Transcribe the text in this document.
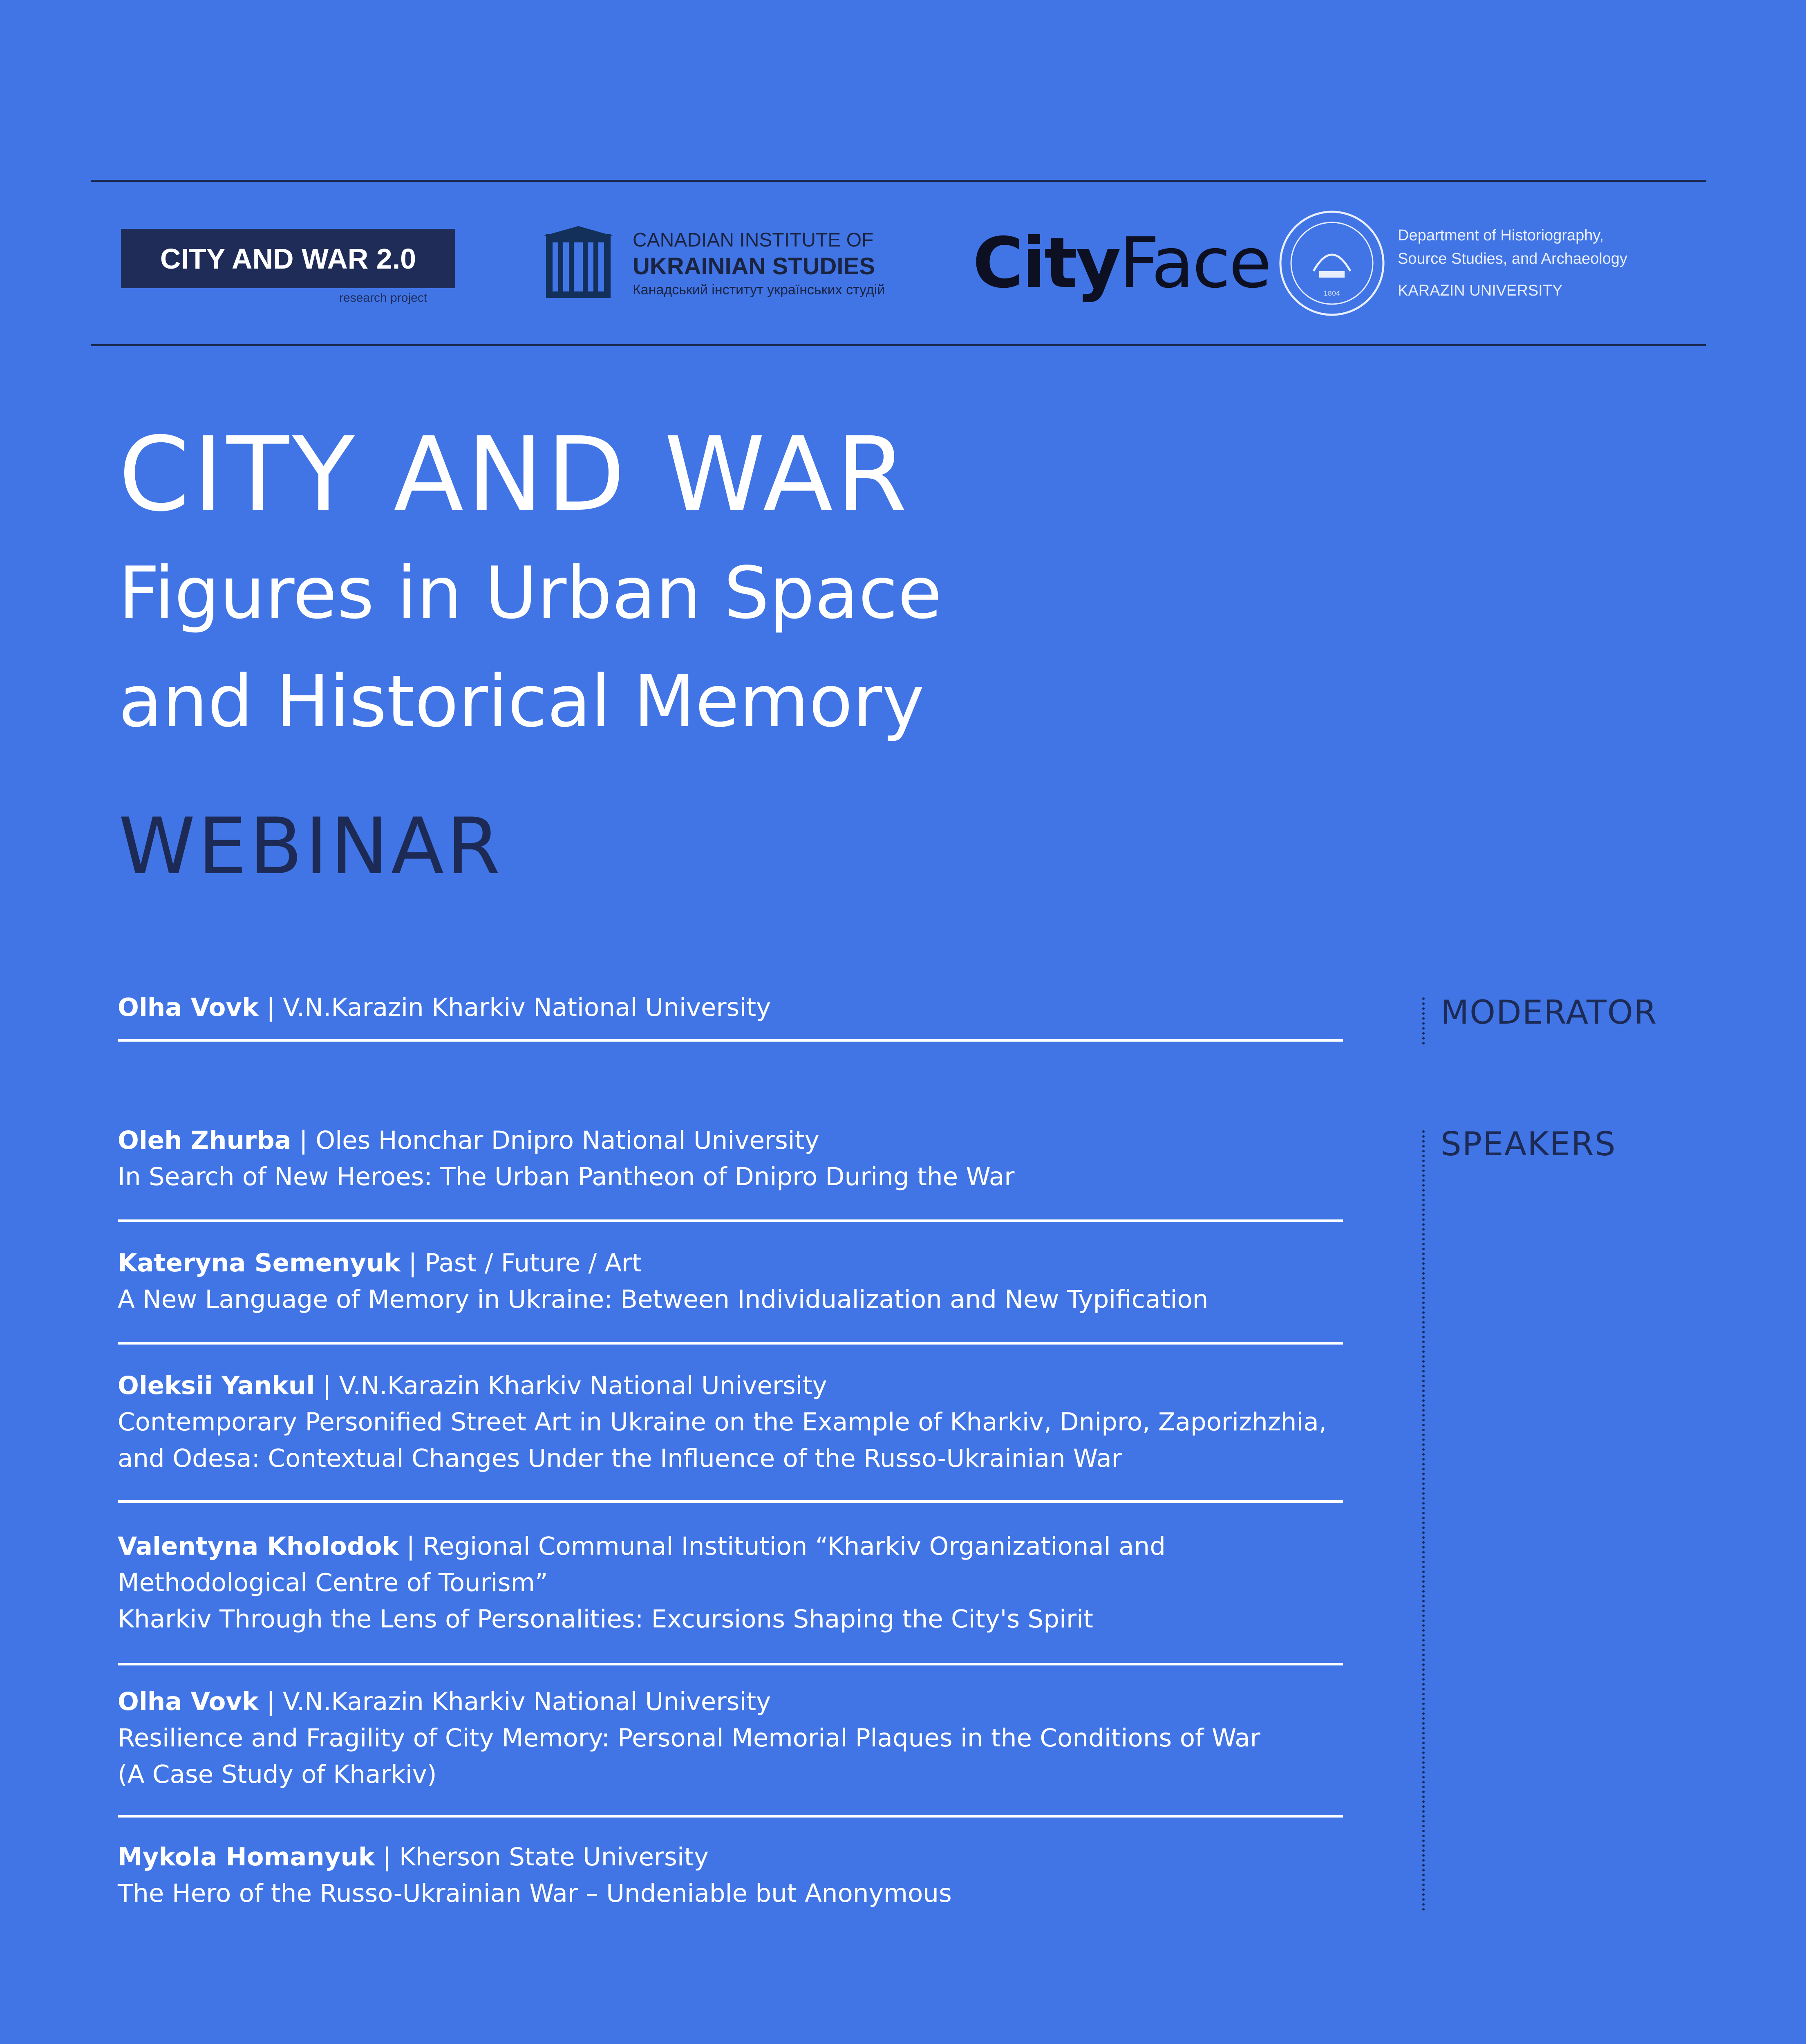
CITY AND WAR 2.0
research project
CANADIAN INSTITUTE OF
UKRAINIAN STUDIES
Канадський інститут українських студій CityFace	1804
Department of Historiography,
Source Studies, and Archaeology
KARAZIN UNIVERSITY
CITY AND WAR
Figures in Urban Space
and Historical Memory
WEBINAR
MODERATOR
SPEAKERS
Olha Vovk | V.N.Karazin Kharkiv National University
Oleh Zhurba | Oles Honchar Dnipro National University
In Search of New Heroes: The Urban Pantheon of Dnipro During the War
Kateryna Semenyuk | Past / Future / Art
A New Language of Memory in Ukraine: Between Individualization and New Typification
Oleksii Yankul | V.N.Karazin Kharkiv National University
Contemporary Personified Street Art in Ukraine on the Example of Kharkiv, Dnipro, Zaporizhzhia,
and Odesa: Contextual Changes Under the Influence of the Russo-Ukrainian War
Valentyna Kholodok | Regional Communal Institution “Kharkiv Organizational and
Methodological Centre of Tourism”
Kharkiv Through the Lens of Personalities: Excursions Shaping the City's Spirit
Olha Vovk | V.N.Karazin Kharkiv National University
Resilience and Fragility of City Memory: Personal Memorial Plaques in the Conditions of War
(A Case Study of Kharkiv)
Mykola Homanyuk | Kherson State University
The Hero of the Russo-Ukrainian War – Undeniable but Anonymous
